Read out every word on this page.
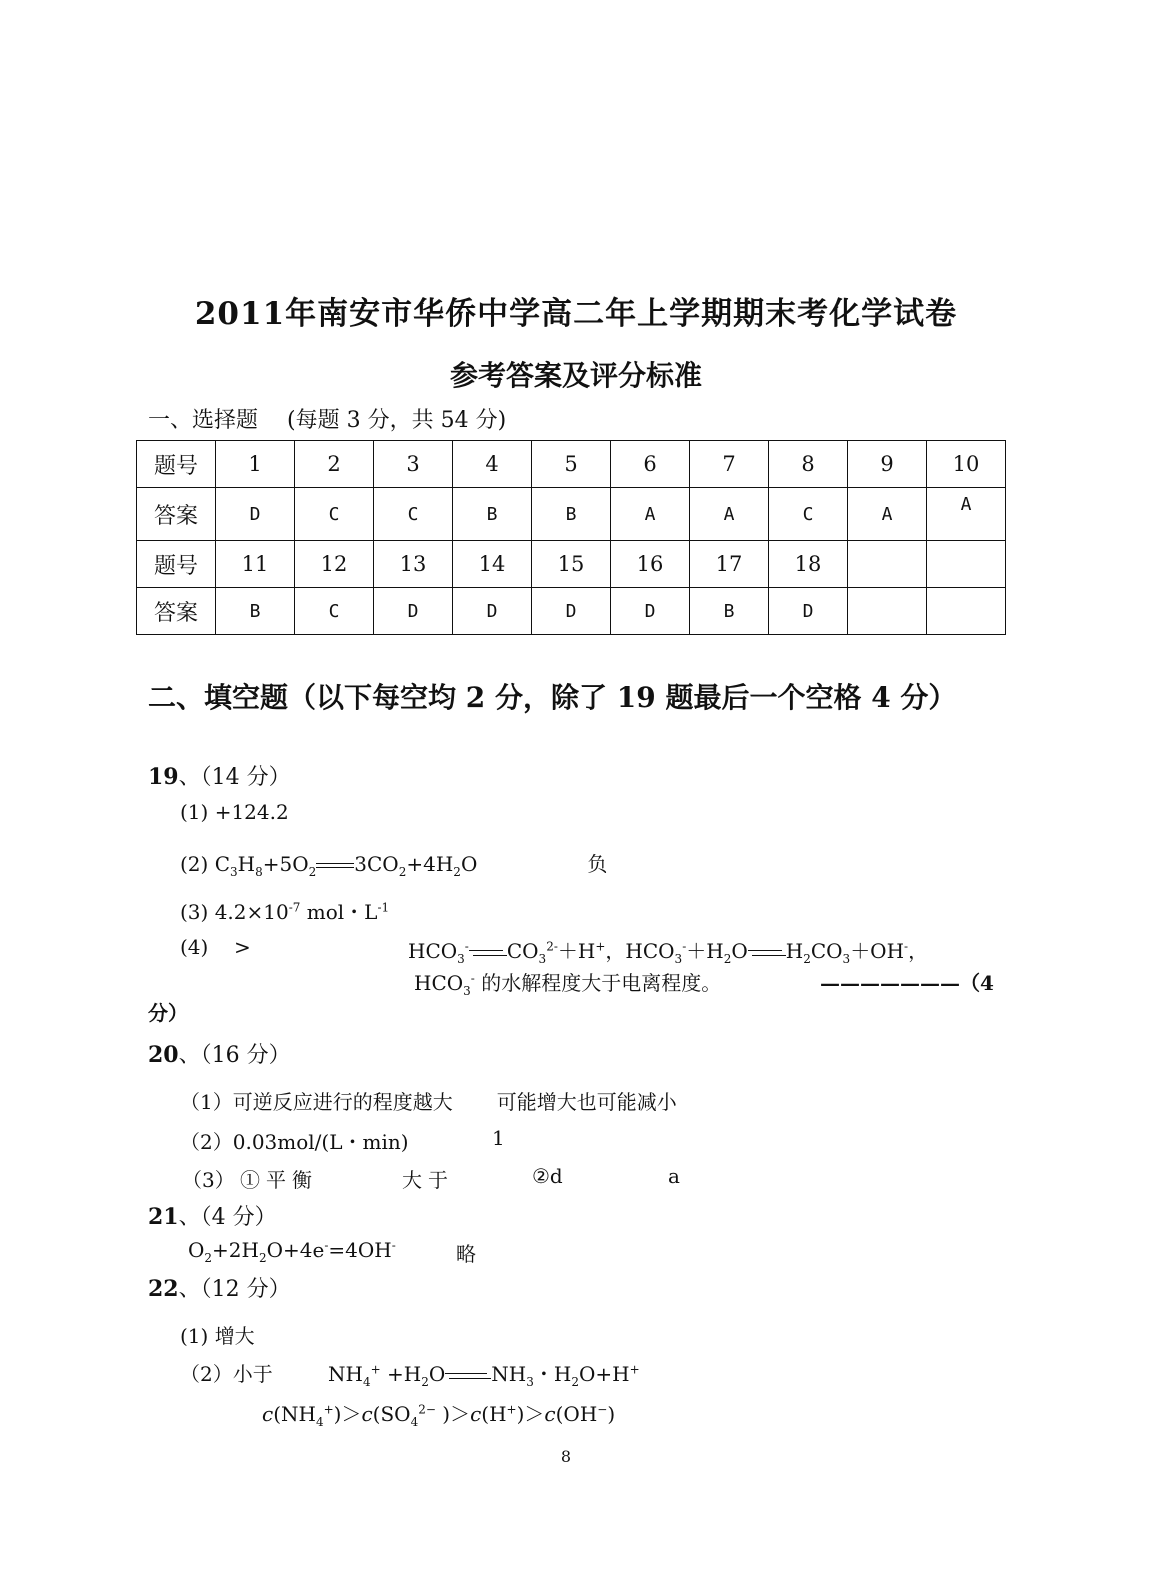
2011年南安市华侨中学高二年上学期期末考化学试卷
参考答案及评分标准
一、选择题 (每题 3 分，共 54 分)
题号	1	2	3	4	5	6	7	8	9	10
答案	D	C	C	B	B	A	A	C	A	A
题号	11	12	13	14	15	16	17	18		
答案	B	C	D	D	D	D	B	D		
二、填空题（以下每空均 2 分，除了 19 题最后一个空格 4 分）
19、（14 分）
(1) +124.2
(2) $C_3H_8+5O_2$ $3CO_2+4H_2O$	负
(3) $4.2\times 10^{-7}$ mol・$L^{-1}$
(4) >	$HCO_3^-$ $CO_3^{2-}+H^+$，$HCO_3^-+H_2O$ $H_2CO_3+OH^-$，
$HCO_3^-$ 的水解程度大于电离程度。	———————（4
分）
20、（16 分）
（1）可逆反应进行的程度越大 可能增大也可能减小
（2）0.03mol/(L・min)	1
（3） ①平衡	大于	②d	a
21、（4 分）
$O_2+2H_2O+4e^-=4OH^-$	略
22、（12 分）
(1) 增大
（2）小于	$NH_4^+ +H_2O$ $NH_3$・$H_2O+H^+$
$c(NH_4^+)>c(SO_4^{2-}$ )＞c(H+)＞c(OH−)
8
